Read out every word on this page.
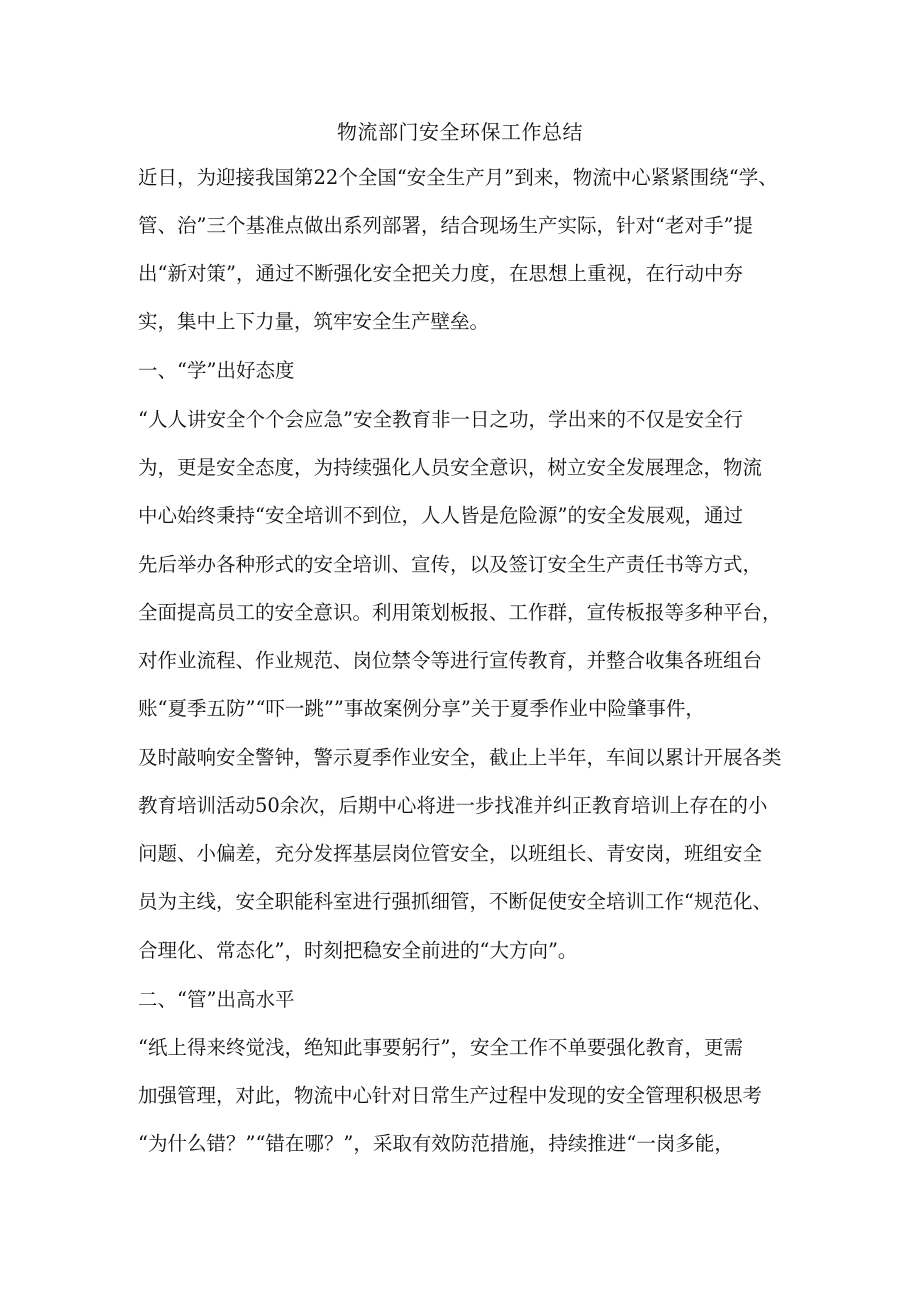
物流部门安全环保工作总结
近日，为迎接我国第22个全国“安全生产月”到来，物流中心紧紧围绕“学、
管、治”三个基准点做出系列部署，结合现场生产实际，针对“老对手”提
出“新对策”，通过不断强化安全把关力度，在思想上重视，在行动中夯
实，集中上下力量，筑牢安全生产壁垒。
一、“学”出好态度
“人人讲安全个个会应急”安全教育非一日之功，学出来的不仅是安全行
为，更是安全态度，为持续强化人员安全意识，树立安全发展理念，物流
中心始终秉持“安全培训不到位，人人皆是危险源”的安全发展观，通过
先后举办各种形式的安全培训、宣传，以及签订安全生产责任书等方式，
全面提高员工的安全意识。利用策划板报、工作群，宣传板报等多种平台，
对作业流程、作业规范、岗位禁令等进行宣传教育，并整合收集各班组台
账“夏季五防”“吓一跳””事故案例分享”关于夏季作业中险肇事件，
及时敲响安全警钟，警示夏季作业安全，截止上半年，车间以累计开展各类
教育培训活动50余次，后期中心将进一步找准并纠正教育培训上存在的小
问题、小偏差，充分发挥基层岗位管安全，以班组长、青安岗，班组安全
员为主线，安全职能科室进行强抓细管，不断促使安全培训工作“规范化、
合理化、常态化”，时刻把稳安全前进的“大方向”。
二、“管”出高水平
“纸上得来终觉浅，绝知此事要躬行”，安全工作不单要强化教育，更需
加强管理，对此，物流中心针对日常生产过程中发现的安全管理积极思考
“为什么错？”“错在哪？”，采取有效防范措施，持续推进“一岗多能，
